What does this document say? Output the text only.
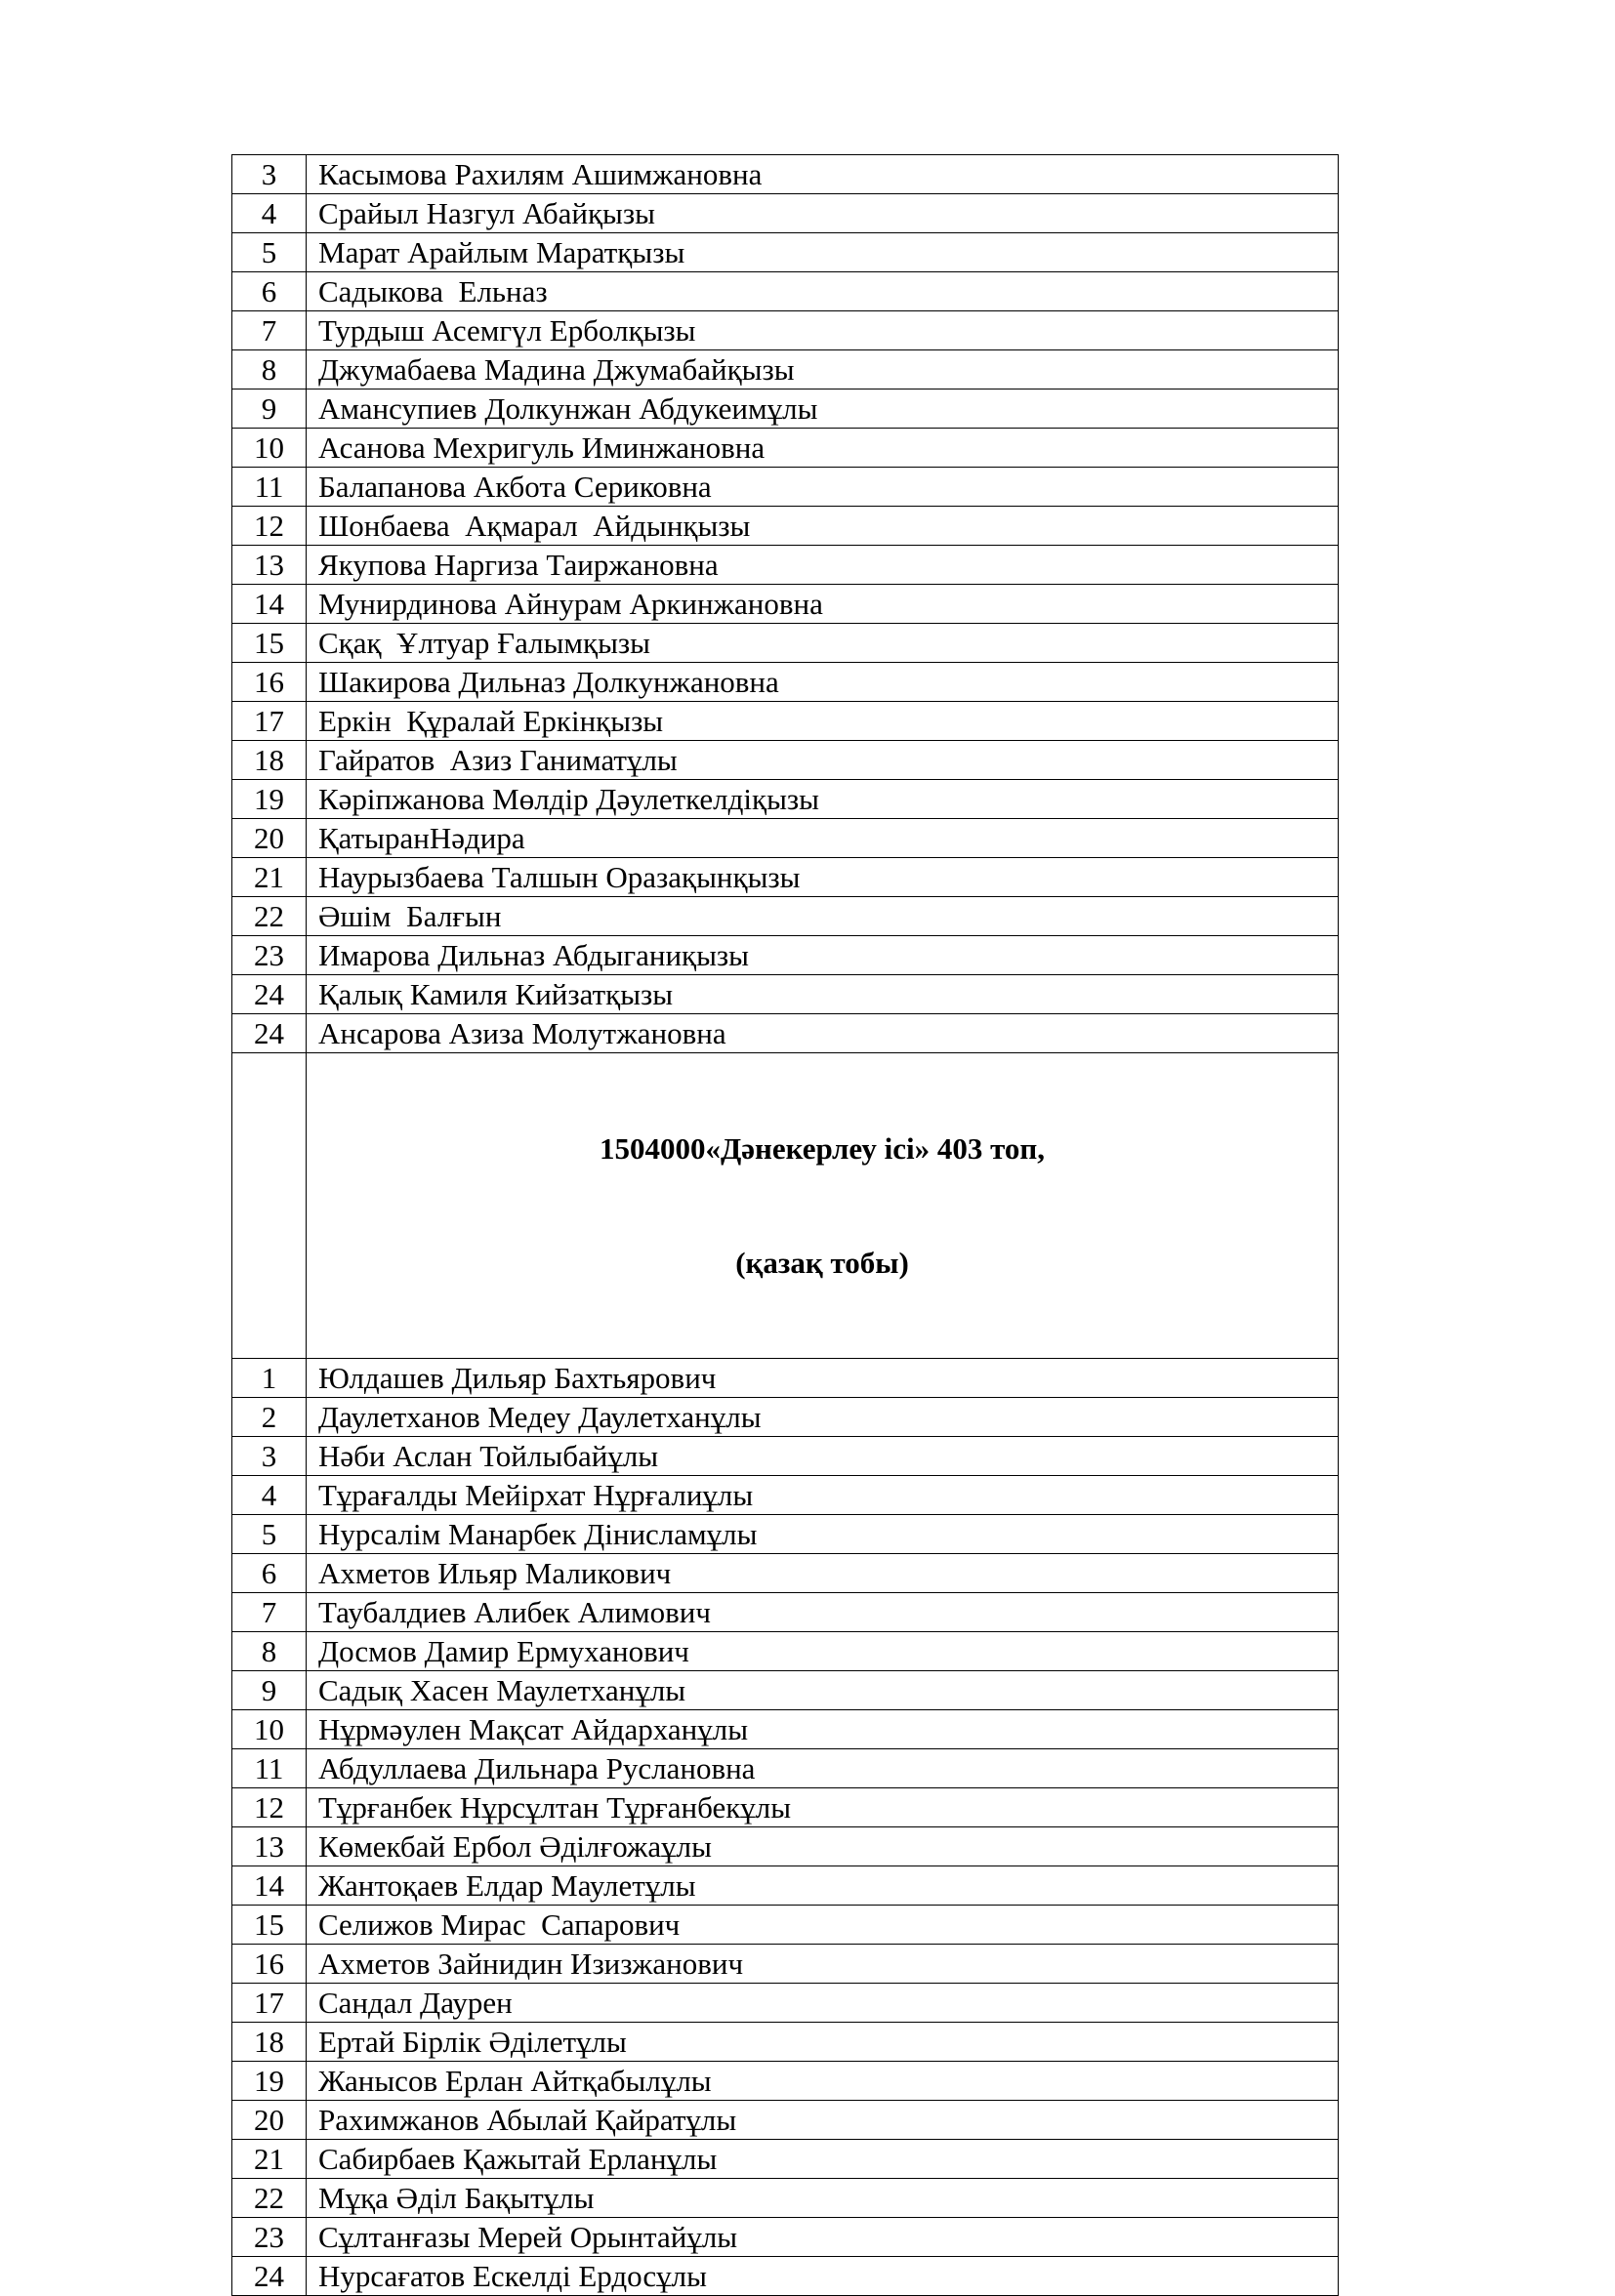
3	Касымова Рахилям Ашимжановна
4	Срайыл Назгул Абайқызы
5	Марат Арайлым Маратқызы
6	Садыкова  Ельназ
7	Турдыш Асемгүл Ерболқызы
8	Джумабаева Мадина Джумабайқызы
9	Амансупиев Долкунжан Абдукеимұлы
10	Асанова Мехригуль Иминжановна
11	Балапанова Акбота Сериковна
12	Шонбаева  Ақмарал  Айдынқызы
13	Якупова Наргиза Таиржановна
14	Мунирдинова Айнурам Аркинжановна
15	Сқақ  Ұлтуар Ғалымқызы
16	Шакирова Дильназ Долкунжановна
17	Еркін  Құралай Еркінқызы
18	Гайратов  Азиз Ганиматұлы
19	Кәріпжанова Мөлдір Дәулеткелдіқызы
20	ҚатыранНәдира
21	Наурызбаева Талшын Оразақынқызы
22	Әшім  Балғын
23	Имарова Дильназ Абдыганиқызы
24	Қалық Камиля Кийзатқызы
24	Ансарова Азиза Молутжановна

	1504000«Дәнекерлеу ісі» 403 топ,

(қазақ тобы)

1	Юлдашев Дильяр Бахтьярович
2	Даулетханов Медеу Даулетханұлы
3	Нәби Аслан Тойлыбайұлы
4	Тұрағалды Мейірхат Нұрғалиұлы
5	Нурсалім Манарбек Дінисламұлы
6	Ахметов Ильяр Маликович
7	Таубалдиев Алибек Алимович
8	Досмов Дамир Ермуханович
9	Садық Хасен Маулетханұлы
10	Нұрмәулен Мақсат Айдарханұлы
11	Абдуллаева Дильнара Руслановна
12	Тұрғанбек Нұрсұлтан Тұрғанбекұлы
13	Көмекбай Ербол Әділғожаұлы
14	Жантоқаев Елдар Маулетұлы
15	Селижов Мирас  Сапарович
16	Ахметов Зайнидин Изизжанович
17	Сандал Даурен
18	Ертай Бірлік Әділетұлы
19	Жанысов Ерлан Айтқабылұлы
20	Рахимжанов Абылай Қайратұлы
21	Сабирбаев Қажытай Ерланұлы
22	Мұқа Әділ Бақытұлы
23	Сұлтанғазы Мерей Орынтайұлы
24	Нурсағатов Ескелді Ердосұлы
